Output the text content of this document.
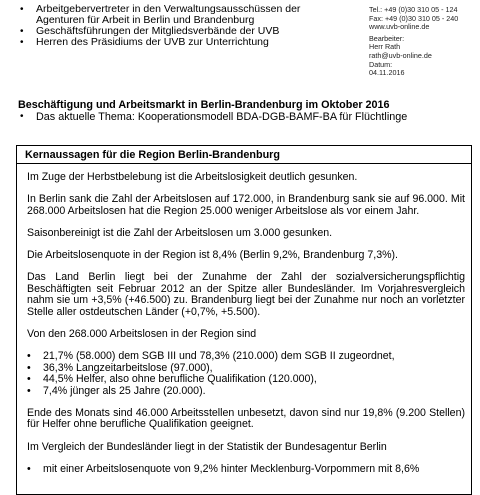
• Arbeitgebervertreter in den Verwaltungsausschüssen der Agenturen für Arbeit in Berlin und Brandenburg
• Geschäftsführungen der Mitgliedsverbände der UVB
• Herren des Präsidiums der UVB zur Unterrichtung
Tel.: +49 (0)30 310 05 - 124
Fax: +49 (0)30 310 05 - 240
www.uvb-online.de
Bearbeiter:
Herr Rath
rath@uvb-online.de
Datum:
04.11.2016
Beschäftigung und Arbeitsmarkt in Berlin-Brandenburg im Oktober 2016
• Das aktuelle Thema: Kooperationsmodell BDA-DGB-BAMF-BA für Flüchtlinge
Kernaussagen für die Region Berlin-Brandenburg

Im Zuge der Herbstbelebung ist die Arbeitslosigkeit deutlich gesunken.

In Berlin sank die Zahl der Arbeitslosen auf 172.000, in Brandenburg sank sie auf 96.000. Mit 268.000 Arbeitslosen hat die Region 25.000 weniger Arbeitslose als vor einem Jahr.

Saisonbereinigt ist die Zahl der Arbeitslosen um 3.000 gesunken.

Die Arbeitslosenquote in der Region ist 8,4% (Berlin 9,2%, Brandenburg 7,3%).

Das Land Berlin liegt bei der Zunahme der Zahl der sozialversicherungspflichtig Beschäftigten seit Februar 2012 an der Spitze aller Bundesländer. Im Vorjahresvergleich nahm sie um +3,5% (+46.500) zu. Brandenburg liegt bei der Zunahme nur noch an vorletzter Stelle aller ostdeutschen Länder (+0,7%, +5.500).

Von den 268.000 Arbeitslosen in der Region sind

• 21,7% (58.000) dem SGB III und 78,3% (210.000) dem SGB II zugeordnet,
• 36,3% Langzeitarbeitslose (97.000),
• 44,5% Helfer, also ohne berufliche Qualifikation (120.000),
• 7,4% jünger als 25 Jahre (20.000).

Ende des Monats sind 46.000 Arbeitsstellen unbesetzt, davon sind nur 19,8% (9.200 Stellen) für Helfer ohne berufliche Qualifikation geeignet.

Im Vergleich der Bundesländer liegt in der Statistik der Bundesagentur Berlin

• mit einer Arbeitslosenquote von 9,2% hinter Mecklenburg-Vorpommern mit 8,6%
